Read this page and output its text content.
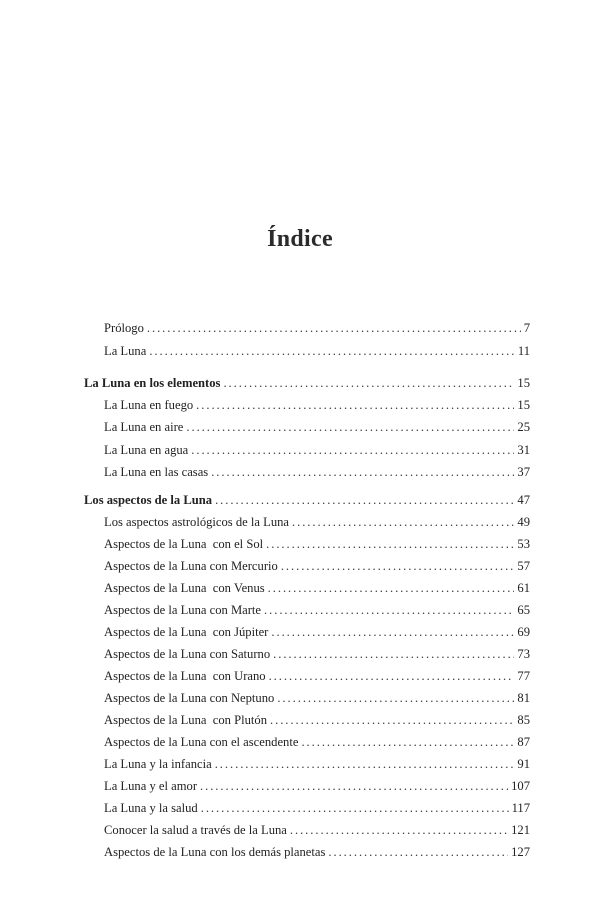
Índice
Prólogo . . .	7
La Luna . . .	11
La Luna en los elementos . . .	15
La Luna en fuego . . .	15
La Luna en aire . . .	25
La Luna en agua . . .	31
La Luna en las casas . . .	37
Los aspectos de la Luna . . .	47
Los aspectos astrológicos de la Luna . . .	49
Aspectos de la Luna  con el Sol . . .	53
Aspectos de la Luna con Mercurio . . .	57
Aspectos de la Luna  con Venus . . .	61
Aspectos de la Luna con Marte . . .	65
Aspectos de la Luna  con Júpiter . . .	69
Aspectos de la Luna con Saturno . . .	73
Aspectos de la Luna  con Urano . . .	77
Aspectos de la Luna con Neptuno . . .	81
Aspectos de la Luna  con Plutón . . .	85
Aspectos de la Luna con el ascendente . . .	87
La Luna y la infancia . . .	91
La Luna y el amor . . .	107
La Luna y la salud . . .	117
Conocer la salud a través de la Luna . . .	121
Aspectos de la Luna con los demás planetas . . .	127
